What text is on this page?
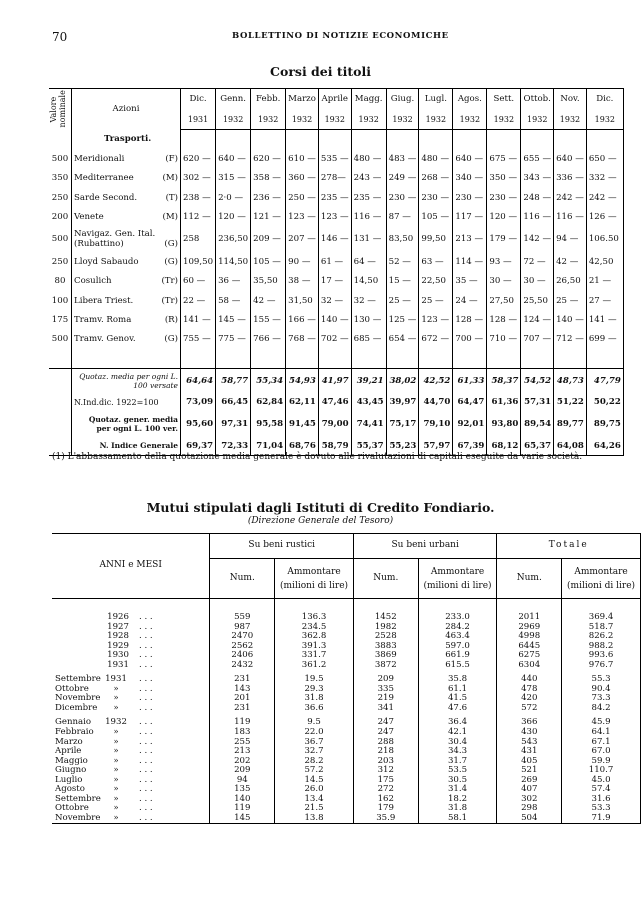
70	BOLLETTINO DI NOTIZIE ECONOMICHE
Corsi dei titoli
Valore nominale	Azioni	Dic.	Genn.	Febb.	Marzo	Aprile	Magg.	Giug.	Lugl.	Agos.	Sett.	Ottob.	Nov.	Dic.
		1931	1932	1932	1932	1932	1932	1932	1932	1932	1932	1932	1932	1932
	Trasporti.													
500	Meridionali (F)	620 —	640 —	620 —	610 —	535 —	480 —	483 —	480 —	640 —	675 —	655 —	640 —	650 —
350	Mediterranee (M)	302 —	315 —	358 —	360 —	278—	243 —	249 —	268 —	340 —	350 —	343 —	336 —	332 —
250	Sarde Second. (T)	238 —	2·0 —	236 —	250 —	235 —	235 —	230 —	230 —	230 —	230 —	248 —	242 —	242 —
200	Venete (M)	112 —	120 —	121 —	123 —	123 —	116 —	87 —	105 —	117 —	120 —	116 —	116 —	126 —
500	Navigaz. Gen. Ital. (Rubattino) (G)	258	236,50	209 —	207 —	146 —	131 —	83,50	99,50	213 —	179 —	142 —	94 —	106.50
250	Lloyd Sabaudo (G)	109,50	114,50	105 —	90 —	61 —	64 —	52 —	63 —	114 —	93 —	72 —	42 —	42,50
80	Cosulich (Tr)	60 —	36 —	35,50	38 —	17 —	14,50	15 —	22,50	35 —	30 —	30 —	26,50	21 —
100	Libera Triest. (Tr)	22 —	58 —	42 —	31,50	32 —	32 —	25 —	25 —	24 —	27,50	25,50	25 —	27 —
175	Tramv. Roma (R)	141 —	145 —	155 —	166 —	140 —	130 —	125 —	123 —	128 —	128 —	124 —	140 —	141 —
500	Tramv. Genov. (G)	755 —	775 —	766 —	768 —	702 —	685 —	654 —	672 —	700 —	710 —	707 —	712 —	699 —

	Quotaz. media per ogni L. 100 versate	64,64	58,77	55,34	54,93	41,97	39,21	38,02	42,52	61,33	58,37	54,52	48,73	47,79
	N.Ind.dic. 1922=100	73,09	66,45	62,84	62,11	47,46	43,45	39,97	44,70	64,47	61,36	57,31	51,22	50,22
	Quotaz. gener. media per ogni L. 100 ver.	95,60	97,31	95,58	91,45	79,00	74,41	75,17	79,10	92,01	93,80	89,54	89,77	89,75
	N. Indice Generale	69,37	72,33	71,04	68,76	58,79	55,37	55,23	57,97	67,39	68,12	65,37	64,08	64,26
(1) L'abbassamento della quotazione media generale è dovuto alle rivalutazioni di capitali eseguite da varie società.
Mutui stipulati dagli Istituti di Credito Fondiario.
(Direzione Generale del Tesoro)
ANNI e MESI	Su beni rustici		Su beni urbani		Totale	
	Num.	Ammontare (milioni di lire)	Num.	Ammontare (milioni di lire)	Num.	Ammontare (milioni di lire)

1926 . . .	559	136.3	1452	233.0	2011	369.4
1927 . . .	987	234.5	1982	284.2	2969	518.7
1928 . . .	2470	362.8	2528	463.4	4998	826.2
1929 . . .	2562	391.3	3883	597.0	6445	988.2
1930 . . .	2406	331.7	3869	661.9	6275	993.6
1931 . . .	2432	361.2	3872	615.5	6304	976.7

Settembre 1931 . . .	231	19.5	209	35.8	440	55.3
Ottobre » . . .	143	29.3	335	61.1	478	90.4
Novembre » . . .	201	31.8	219	41.5	420	73.3
Dicembre » . . .	231	36.6	341	47.6	572	84.2

Gennaio 1932 . . .	119	9.5	247	36.4	366	45.9
Febbraio » . . .	183	22.0	247	42.1	430	64.1
Marzo » . . .	255	36.7	288	30.4	543	67.1
Aprile » . . .	213	32.7	218	34.3	431	67.0
Maggio » . . .	202	28.2	203	31.7	405	59.9
Giugno » . . .	209	57.2	312	53.5	521	110.7
Luglio » . . .	94	14.5	175	30.5	269	45.0
Agosto » . . .	135	26.0	272	31.4	407	57.4
Settembre » . . .	140	13.4	162	18.2	302	31.6
Ottobre » . . .	119	21.5	179	31.8	298	53.3
Novembre » . . .	145	13.8	35.9	58.1	504	71.9
